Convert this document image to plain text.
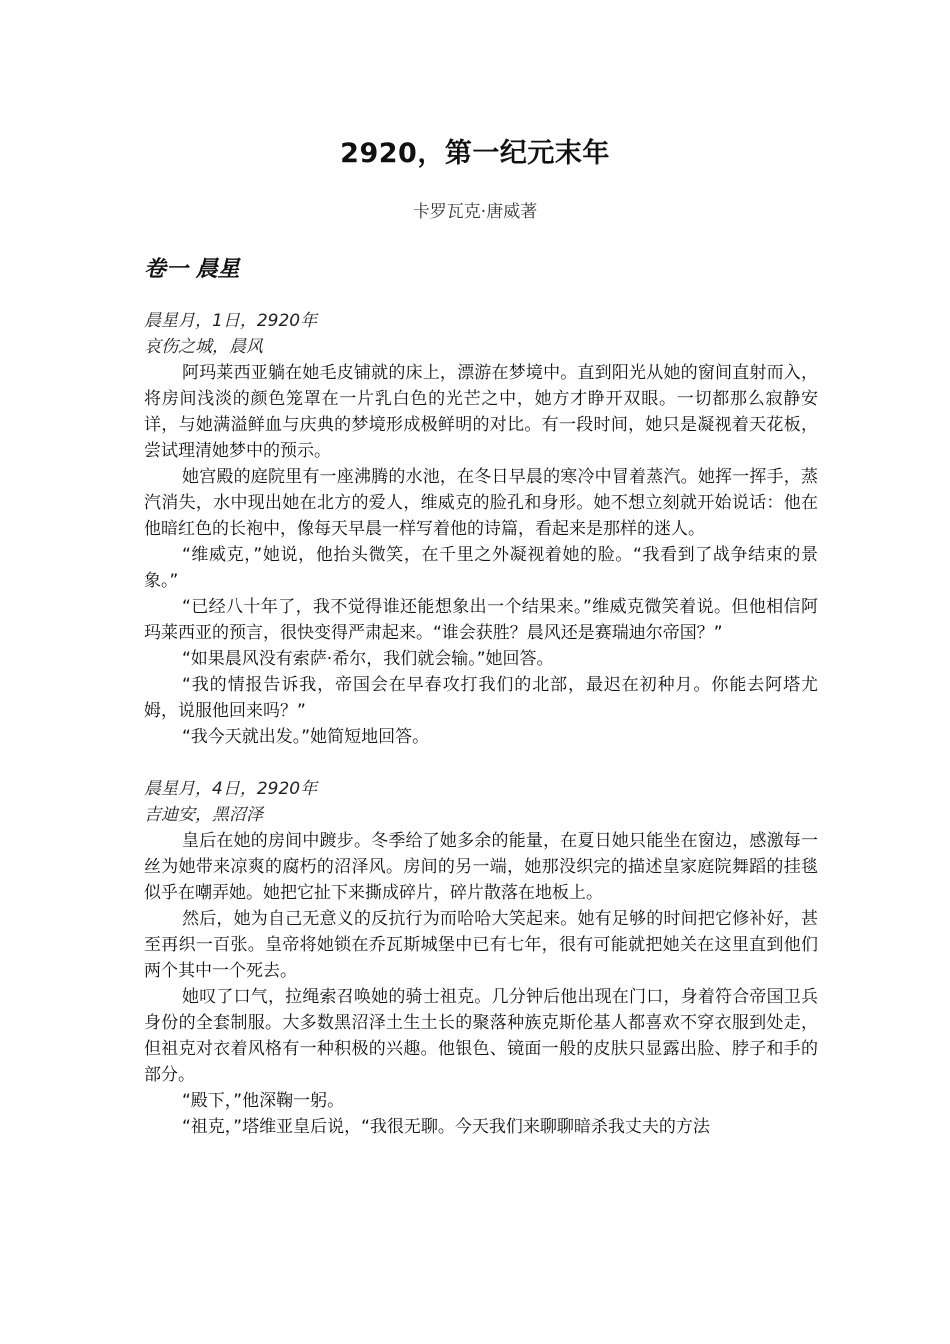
2920，第一纪元末年
卡罗瓦克·唐威著
卷一 晨星

晨星月，1日，2920年

哀伤之城，晨风

阿玛莱西亚躺在她毛皮铺就的床上，漂游在梦境中。直到阳光从她的窗间直射而入，将房间浅淡的颜色笼罩在一片乳白色的光芒之中，她方才睁开双眼。一切都那么寂静安详，与她满溢鲜血与庆典的梦境形成极鲜明的对比。有一段时间，她只是凝视着天花板，尝试理清她梦中的预示。

她宫殿的庭院里有一座沸腾的水池，在冬日早晨的寒冷中冒着蒸汽。她挥一挥手，蒸汽消失，水中现出她在北方的爱人，维威克的脸孔和身形。她不想立刻就开始说话：他在他暗红色的长袍中，像每天早晨一样写着他的诗篇，看起来是那样的迷人。

“维威克，”她说，他抬头微笑，在千里之外凝视着她的脸。“我看到了战争结束的景象。”

“已经八十年了，我不觉得谁还能想象出一个结果来。”维威克微笑着说。但他相信阿玛莱西亚的预言，很快变得严肃起来。“谁会获胜？晨风还是赛瑞迪尔帝国？”

“如果晨风没有索萨·希尔，我们就会输。”她回答。

“我的情报告诉我，帝国会在早春攻打我们的北部，最迟在初种月。你能去阿塔尤姆，说服他回来吗？”

“我今天就出发。”她简短地回答。

晨星月，4日，2920年

吉迪安，黑沼泽

皇后在她的房间中踱步。冬季给了她多余的能量，在夏日她只能坐在窗边，感激每一丝为她带来凉爽的腐朽的沼泽风。房间的另一端，她那没织完的描述皇家庭院舞蹈的挂毯似乎在嘲弄她。她把它扯下来撕成碎片，碎片散落在地板上。

然后，她为自己无意义的反抗行为而哈哈大笑起来。她有足够的时间把它修补好，甚至再织一百张。皇帝将她锁在乔瓦斯城堡中已有七年，很有可能就把她关在这里直到他们两个其中一个死去。

她叹了口气，拉绳索召唤她的骑士祖克。几分钟后他出现在门口，身着符合帝国卫兵身份的全套制服。大多数黑沼泽土生土长的聚落种族克斯伦基人都喜欢不穿衣服到处走，但祖克对衣着风格有一种积极的兴趣。他银色、镜面一般的皮肤只显露出脸、脖子和手的部分。

“殿下，”他深鞠一躬。

“祖克，”塔维亚皇后说，“我很无聊。今天我们来聊聊暗杀我丈夫的方法
